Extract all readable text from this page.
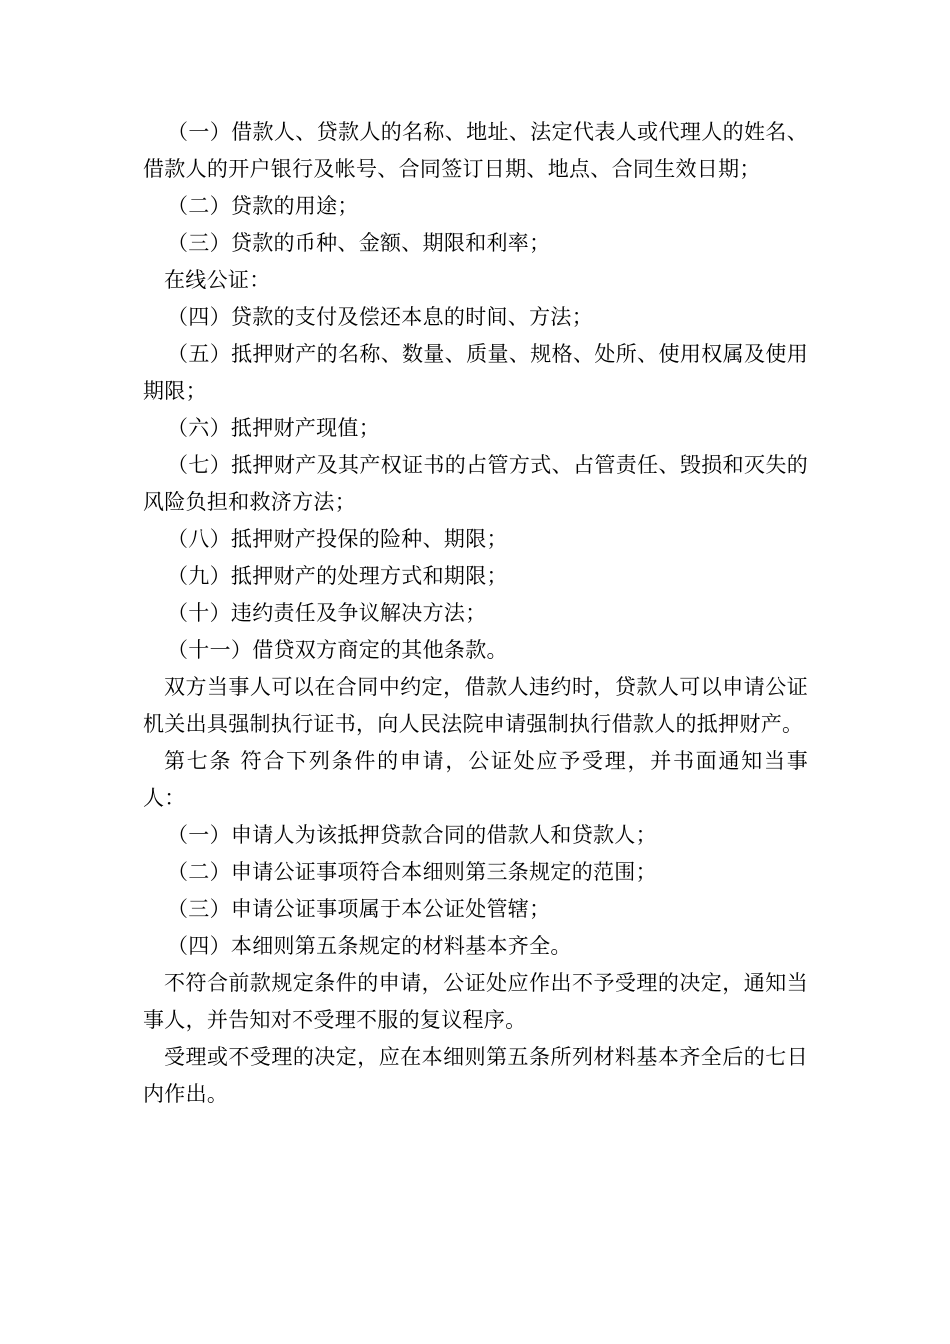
（一）借款人、贷款人的名称、地址、法定代表人或代理人的姓名、借款人的开户银行及帐号、合同签订日期、地点、合同生效日期；

（二）贷款的用途；

（三）贷款的币种、金额、期限和利率；

在线公证：

（四）贷款的支付及偿还本息的时间、方法；

（五）抵押财产的名称、数量、质量、规格、处所、使用权属及使用期限；

（六）抵押财产现值；

（七）抵押财产及其产权证书的占管方式、占管责任、毁损和灭失的风险负担和救济方法；

（八）抵押财产投保的险种、期限；

（九）抵押财产的处理方式和期限；

（十）违约责任及争议解决方法；

（十一）借贷双方商定的其他条款。

双方当事人可以在合同中约定，借款人违约时，贷款人可以申请公证机关出具强制执行证书，向人民法院申请强制执行借款人的抵押财产。

第七条 符合下列条件的申请，公证处应予受理，并书面通知当事人：

（一）申请人为该抵押贷款合同的借款人和贷款人；

（二）申请公证事项符合本细则第三条规定的范围；

（三）申请公证事项属于本公证处管辖；

（四）本细则第五条规定的材料基本齐全。

不符合前款规定条件的申请，公证处应作出不予受理的决定，通知当事人，并告知对不受理不服的复议程序。

受理或不受理的决定，应在本细则第五条所列材料基本齐全后的七日内作出。
